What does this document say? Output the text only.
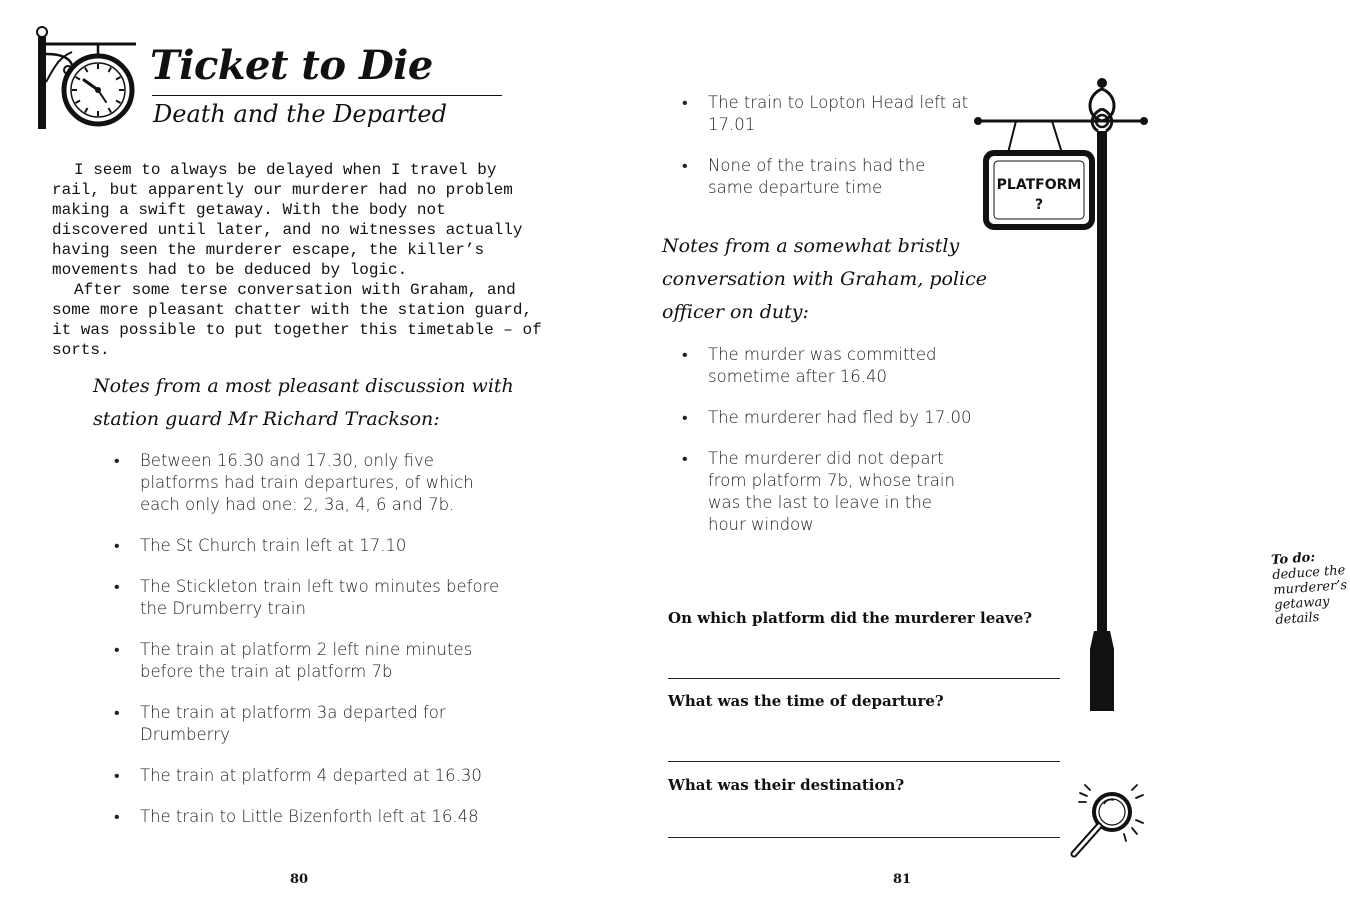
Ticket to Die
Death and the Departed

I seem to always be delayed when I travel by rail, but apparently our murderer had no problem making a swift getaway. With the body not discovered until later, and no witnesses actually having seen the murderer escape, the killer’s movements had to be deduced by logic.

After some terse conversation with Graham, and some more pleasant chatter with the station guard, it was possible to put together this timetable – of sorts.

Notes from a most pleasant discussion with

station guard Mr Richard Trackson:

• Between 16.30 and 17.30, only five platforms had train departures, of which each only had one: 2, 3a, 4, 6 and 7b.
• The St Church train left at 17.10
• The Stickleton train left two minutes before the Drumberry train
• The train at platform 2 left nine minutes before the train at platform 7b
• The train at platform 3a departed for Drumberry
• The train at platform 4 departed at 16.30
• The train to Little Bizenforth left at 16.48
80
• The train to Lopton Head left at 17.01
• None of the trains had the same departure time

Notes from a somewhat bristly

conversation with Graham, police

officer on duty:

• The murder was committed sometime after 16.40
• The murderer had fled by 17.00
• The murderer did not depart from platform 7b, whose train was the last to leave in the hour window
PLATFORM
?
To do: deduce the murderer’s getaway details

On which platform did the murderer leave?

What was the time of departure?

What was their destination?

81
